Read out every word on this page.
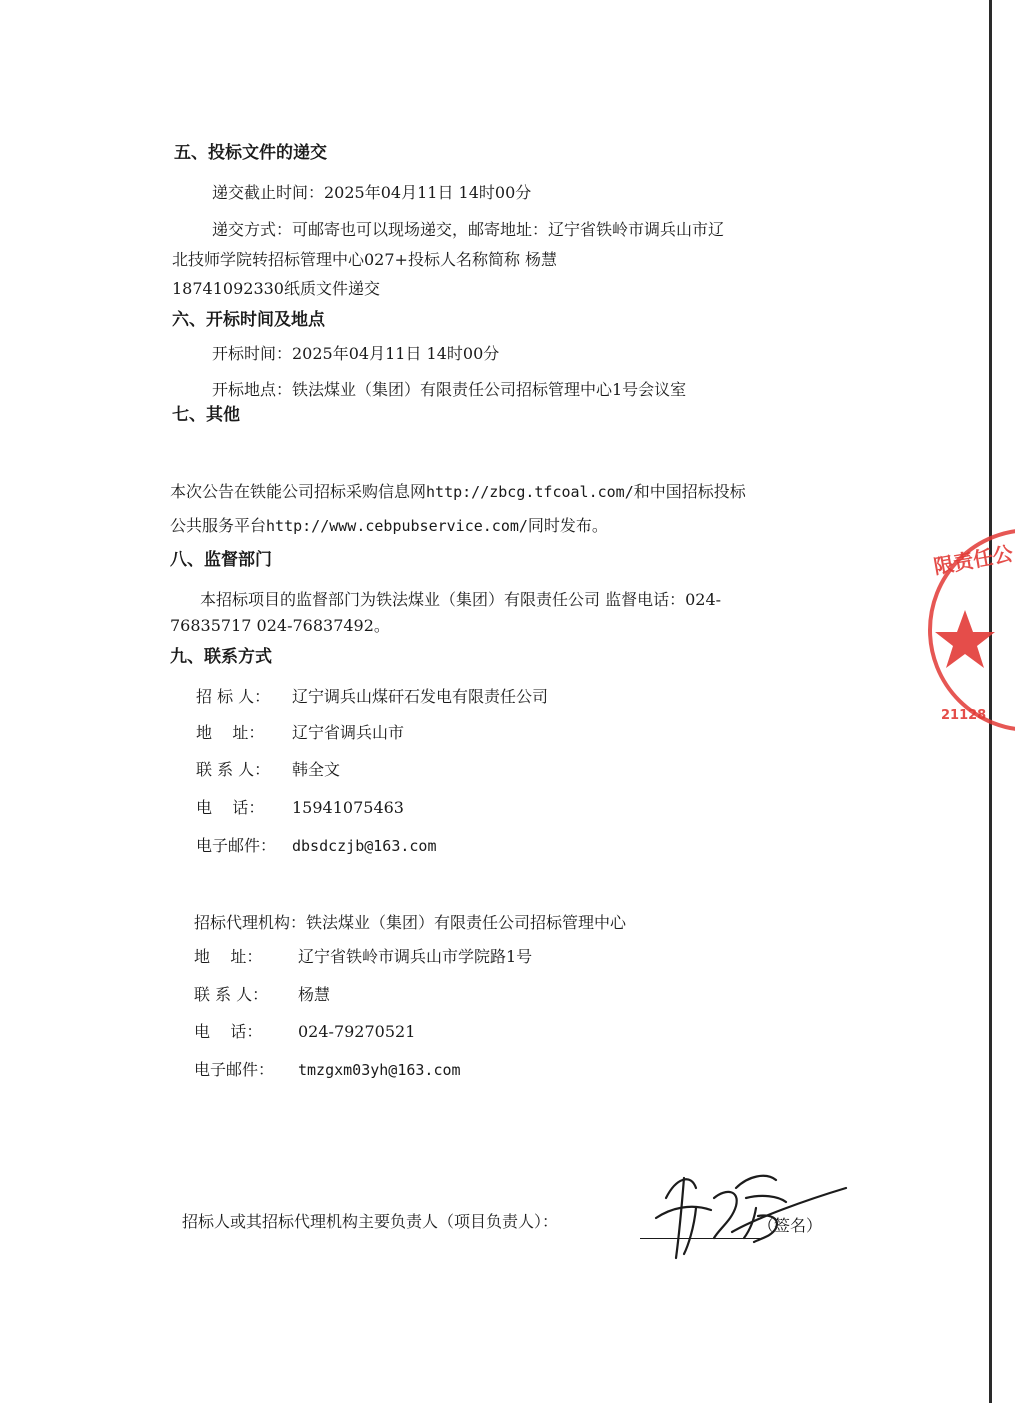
五、投标文件的递交
递交截止时间：2025年04月11日 14时00分
递交方式：可邮寄也可以现场递交，邮寄地址：辽宁省铁岭市调兵山市辽
北技师学院转招标管理中心027+投标人名称简称 杨慧
18741092330纸质文件递交
六、开标时间及地点
开标时间：2025年04月11日 14时00分
开标地点：铁法煤业（集团）有限责任公司招标管理中心1号会议室
七、其他
本次公告在铁能公司招标采购信息网http://zbcg.tfcoal.com/和中国招标投标
公共服务平台http://www.cebpubservice.com/同时发布。
八、监督部门
本招标项目的监督部门为铁法煤业（集团）有限责任公司 监督电话：024-
76835717 024-76837492。
九、联系方式
招 标 人： 辽宁调兵山煤矸石发电有限责任公司
地    址： 辽宁省调兵山市
联 系 人： 韩全文
电    话： 15941075463
电子邮件： dbsdczjb@163.com
招标代理机构：铁法煤业（集团）有限责任公司招标管理中心
地    址： 辽宁省铁岭市调兵山市学院路1号
联 系 人： 杨慧
电    话： 024-79270521
电子邮件： tmzgxm03yh@163.com
招标人或其招标代理机构主要负责人（项目负责人）：	（签名）
限责任公
21128
